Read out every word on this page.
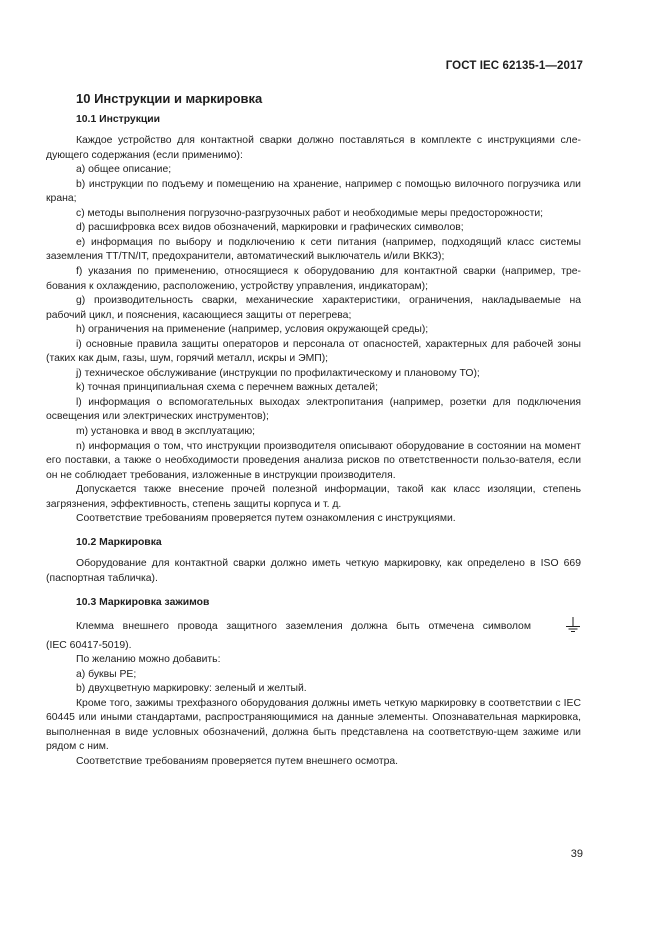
ГОСТ IEC 62135-1—2017
10 Инструкции и маркировка
10.1 Инструкции

Каждое устройство для контактной сварки должно поставляться в комплекте с инструкциями сле-дующего содержания (если применимо):

a) общее описание;

b) инструкции по подъему и помещению на хранение, например с помощью вилочного погрузчика или крана;

c) методы выполнения погрузочно-разгрузочных работ и необходимые меры предосторожности;

d) расшифровка всех видов обозначений, маркировки и графических символов;

e) информация по выбору и подключению к сети питания (например, подходящий класс системы заземления TT/TN/IT, предохранители, автоматический выключатель и/или ВККЗ);

f) указания по применению, относящиеся к оборудованию для контактной сварки (например, тре-бования к охлаждению, расположению, устройству управления, индикаторам);

g) производительность сварки, механические характеристики, ограничения, накладываемые на рабочий цикл, и пояснения, касающиеся защиты от перегрева;

h) ограничения на применение (например, условия окружающей среды);

i) основные правила защиты операторов и персонала от опасностей, характерных для рабочей зоны (таких как дым, газы, шум, горячий металл, искры и ЭМП);

j) техническое обслуживание (инструкции по профилактическому и плановому ТО);

k) точная принципиальная схема с перечнем важных деталей;

l) информация о вспомогательных выходах электропитания (например, розетки для подключения освещения или электрических инструментов);

m) установка и ввод в эксплуатацию;

n) информация о том, что инструкции производителя описывают оборудование в состоянии на момент его поставки, а также о необходимости проведения анализа рисков по ответственности пользо-вателя, если он не соблюдает требования, изложенные в инструкции производителя.

Допускается также внесение прочей полезной информации, такой как класс изоляции, степень загрязнения, эффективность, степень защиты корпуса и т. д.

Соответствие требованиям проверяется путем ознакомления с инструкциями.

10.2 Маркировка

Оборудование для контактной сварки должно иметь четкую маркировку, как определено в ISO 669 (паспортная табличка).

10.3 Маркировка зажимов

Клемма внешнего провода защитного заземления должна быть отмечена символом

(IEC 60417-5019).

По желанию можно добавить:

a) буквы РЕ;

b) двухцветную маркировку: зеленый и желтый.

Кроме того, зажимы трехфазного оборудования должны иметь четкую маркировку в соответствии с IEC 60445 или иными стандартами, распространяющимися на данные элементы. Опознавательная маркировка, выполненная в виде условных обозначений, должна быть представлена на соответствую-щем зажиме или рядом с ним.

Соответствие требованиям проверяется путем внешнего осмотра.

39
